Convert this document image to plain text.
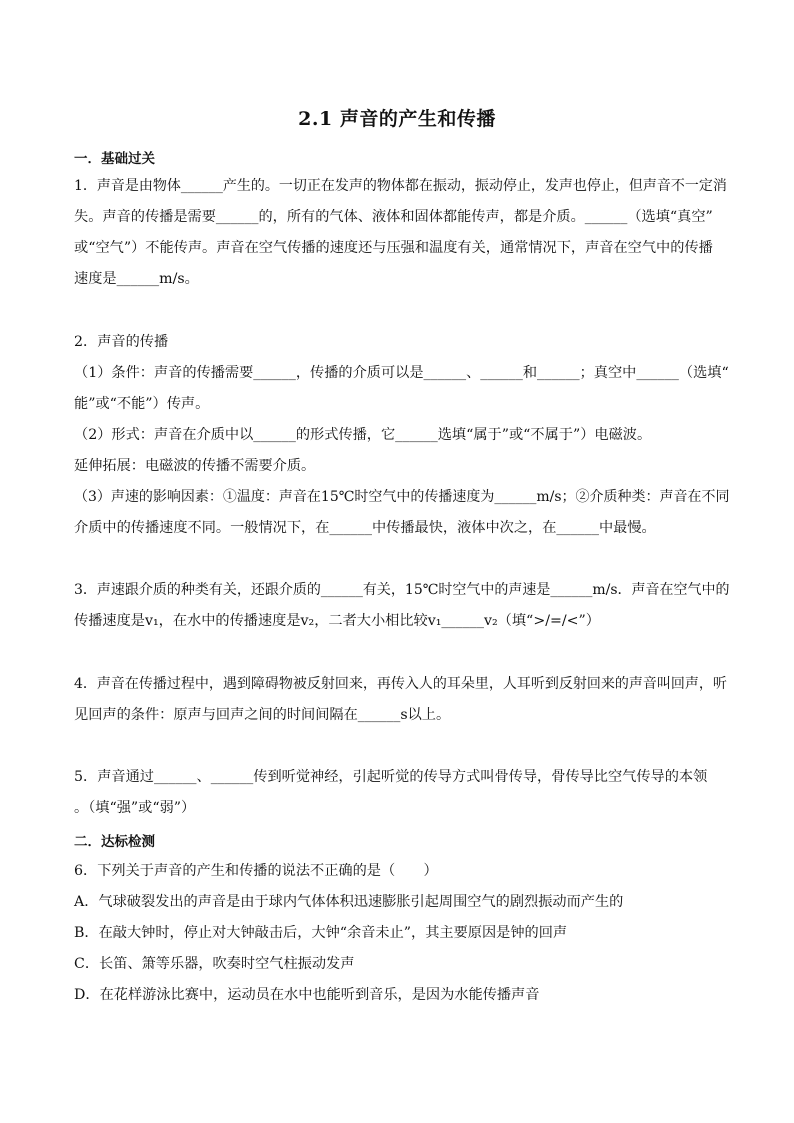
2.1 声音的产生和传播
一．基础过关
1．声音是由物体______产生的。一切正在发声的物体都在振动，振动停止，发声也停止，但声音不一定消
失。声音的传播是需要______的，所有的气体、液体和固体都能传声，都是介质。______（选填“真空”
或“空气”）不能传声。声音在空气传播的速度还与压强和温度有关，通常情况下，声音在空气中的传播
速度是______m/s。
2．声音的传播
（1）条件：声音的传播需要______，传播的介质可以是______、______和______；真空中______（选填“
能”或“不能”）传声。
（2）形式：声音在介质中以______的形式传播，它______选填“属于”或“不属于”）电磁波。
延伸拓展：电磁波的传播不需要介质。
（3）声速的影响因素：①温度：声音在15℃时空气中的传播速度为______m/s；②介质种类：声音在不同
介质中的传播速度不同。一般情况下，在______中传播最快，液体中次之，在______中最慢。
3．声速跟介质的种类有关，还跟介质的______有关，15℃时空气中的声速是______m/s．声音在空气中的
传播速度是v₁，在水中的传播速度是v₂，二者大小相比较v₁______v₂（填“>/=/<”）
4．声音在传播过程中，遇到障碍物被反射回来，再传入人的耳朵里，人耳听到反射回来的声音叫回声，听
见回声的条件：原声与回声之间的时间间隔在______s以上。
5．声音通过______、______传到听觉神经，引起听觉的传导方式叫骨传导，骨传导比空气传导的本领
。（填“强”或“弱”）
二．达标检测
6．下列关于声音的产生和传播的说法不正确的是（　　）
A．气球破裂发出的声音是由于球内气体体积迅速膨胀引起周围空气的剧烈振动而产生的
B．在敲大钟时，停止对大钟敲击后，大钟“余音未止”，其主要原因是钟的回声
C．长笛、箫等乐器，吹奏时空气柱振动发声
D．在花样游泳比赛中，运动员在水中也能听到音乐，是因为水能传播声音
